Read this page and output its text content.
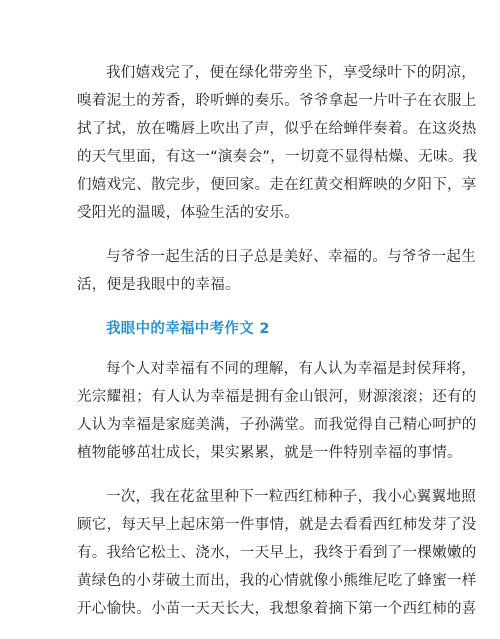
我们嬉戏完了，便在绿化带旁坐下，享受绿叶下的阴凉，
嗅着泥土的芳香，聆听蝉的奏乐。爷爷拿起一片叶子在衣服上
拭了拭，放在嘴唇上吹出了声，似乎在给蝉伴奏着。在这炎热
的天气里面，有这一“演奏会”，一切竟不显得枯燥、无味。我
们嬉戏完、散完步，便回家。走在红黄交相辉映的夕阳下，享
受阳光的温暖，体验生活的安乐。

与爷爷一起生活的日子总是美好、幸福的。与爷爷一起生
活，便是我眼中的幸福。

我眼中的幸福中考作文 2

每个人对幸福有不同的理解，有人认为幸福是封侯拜将，
光宗耀祖；有人认为幸福是拥有金山银河，财源滚滚；还有的
人认为幸福是家庭美满，子孙满堂。而我觉得自己精心呵护的
植物能够茁壮成长，果实累累，就是一件特别幸福的事情。

一次，我在花盆里种下一粒西红柿种子，我小心翼翼地照
顾它，每天早上起床第一件事情，就是去看看西红柿发芽了没
有。我给它松土、浇水，一天早上，我终于看到了一棵嫩嫩的
黄绿色的小芽破土而出，我的心情就像小熊维尼吃了蜂蜜一样
开心愉快。小苗一天天长大，我想象着摘下第一个西红柿的喜
